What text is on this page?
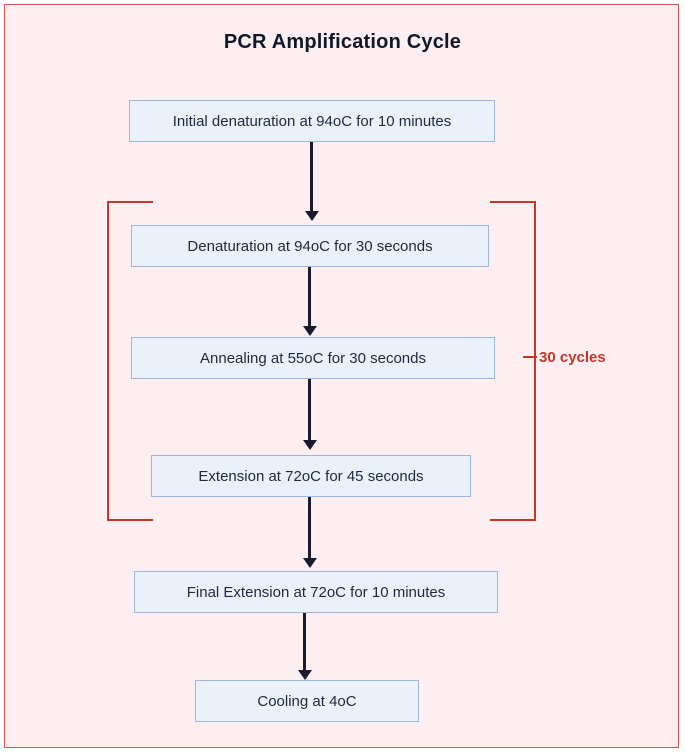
PCR Amplification Cycle
Initial denaturation at 94oC for 10 minutes
Denaturation at 94oC for 30 seconds
Annealing at 55oC for 30 seconds
Extension at 72oC for 45 seconds
Final Extension at 72oC for 10 minutes
Cooling at 4oC
30 cycles
